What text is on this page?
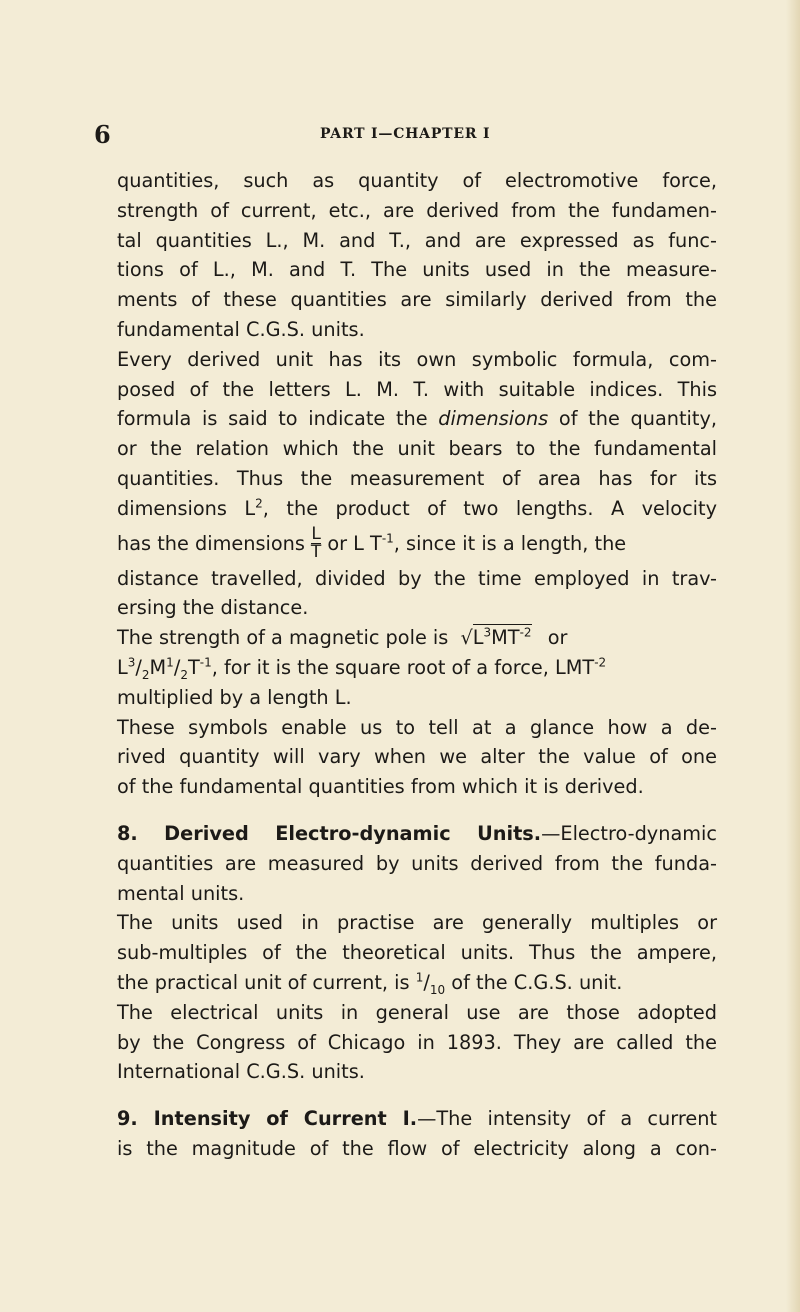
6	PART I—CHAPTER I
quantities, such as quantity of electromotive force,
strength of current, etc., are derived from the fundamen-
tal quantities L., M. and T., and are expressed as func-
tions of L., M. and T. The units used in the measure-
ments of these quantities are similarly derived from the
fundamental C.G.S. units.
Every derived unit has its own symbolic formula, com-
posed of the letters L. M. T. with suitable indices. This
formula is said to indicate the dimensions of the quantity,
or the relation which the unit bears to the fundamental
quantities. Thus the measurement of area has for its
dimensions $L^2$, the product of two lengths. A velocity
has the dimensions $\frac{L}{T}$ or L $T^{-1}$, since it is a length, the
distance travelled, divided by the time employed in trav-
ersing the distance.
The strength of a magnetic pole is $√L^3MT^{-2}$ or
$L^3/_2M^1/_2T^{-1}$, for it is the square root of a force, $LMT^{-2}$
multiplied by a length L.
These symbols enable us to tell at a glance how a de-
rived quantity will vary when we alter the value of one
of the fundamental quantities from which it is derived.
8. Derived Electro-dynamic Units.—Electro-dynamic
quantities are measured by units derived from the funda-
mental units.
The units used in practise are generally multiples or
sub-multiples of the theoretical units. Thus the ampere,
the practical unit of current, is $^1/_{10}$ of the C.G.S. unit.
The electrical units in general use are those adopted
by the Congress of Chicago in 1893. They are called the
International C.G.S. units.
9. Intensity of Current I.—The intensity of a current
is the magnitude of the flow of electricity along a con-
